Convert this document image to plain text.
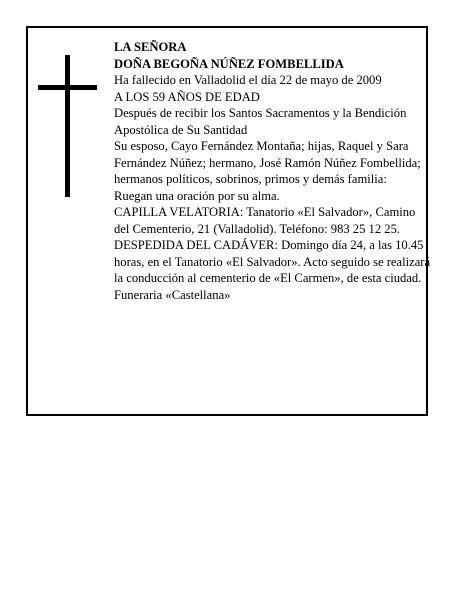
LA SEÑORA

DOÑA BEGOÑA NÚÑEZ FOMBELLIDA

Ha fallecido en Valladolid el día 22 de mayo de 2009

A LOS 59 AÑOS DE EDAD

Después de recibir los Santos Sacramentos y la Bendición Apostólica de Su Santidad

Su esposo, Cayo Fernández Montaña; hijas, Raquel y Sara Fernández Núñez; hermano, José Ramón Núñez Fombellida; hermanos políticos, sobrinos, primos y demás familia:

Ruegan una oración por su alma.

CAPILLA VELATORIA: Tanatorio «El Salvador», Camino del Cementerio, 21 (Valladolid). Teléfono: 983 25 12 25.

DESPEDIDA DEL CADÁVER: Domingo día 24, a las 10.45 horas, en el Tanatorio «El Salvador». Acto seguido se realizará la conducción al cementerio de «El Carmen», de esta ciudad.

Funeraria «Castellana»
